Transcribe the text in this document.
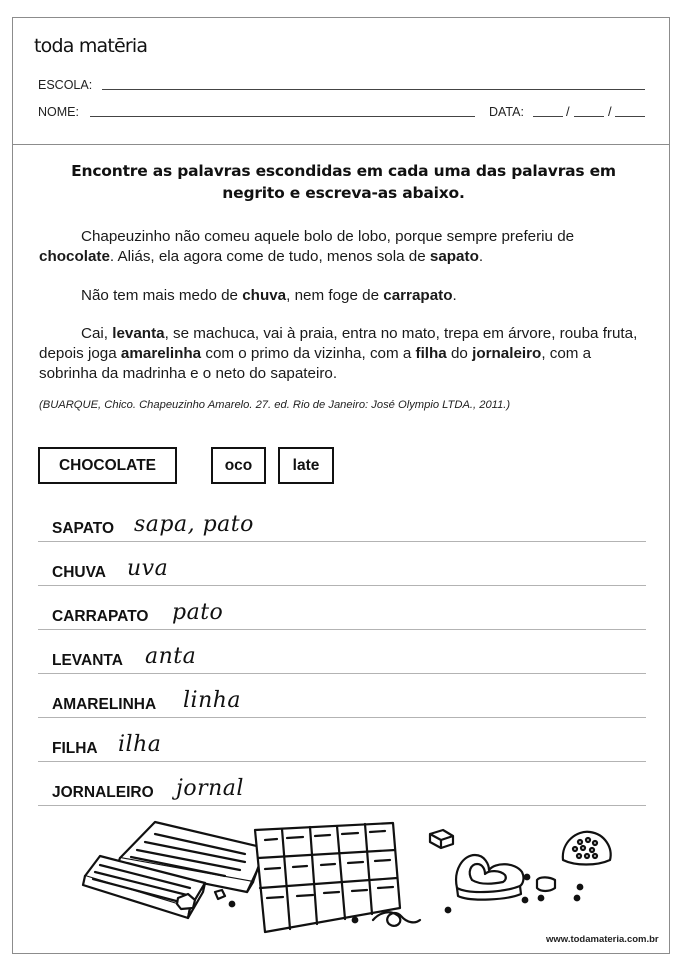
toda matēria
ESCOLA:
NOME:	DATA:	/	/
Encontre as palavras escondidas em cada uma das palavras em
negrito e escreva-as abaixo.
Chapeuzinho não comeu aquele bolo de lobo, porque sempre preferiu de chocolate. Aliás, ela agora come de tudo, menos sola de sapato.
Não tem mais medo de chuva, nem foge de carrapato.
Cai, levanta, se machuca, vai à praia, entra no mato, trepa em árvore, rouba fruta, depois joga amarelinha com o primo da vizinha, com a filha do jornaleiro, com a sobrinha da madrinha e o neto do sapateiro.
(BUARQUE, Chico. Chapeuzinho Amarelo. 27. ed. Rio de Janeiro: José Olympio LTDA., 2011.)
CHOCOLATE	oco	late
SAPATO sapa, pato
CHUVA uva
CARRAPATO pato
LEVANTA anta
AMARELINHA linha
FILHA ilha
JORNALEIRO jornal
www.todamateria.com.br
